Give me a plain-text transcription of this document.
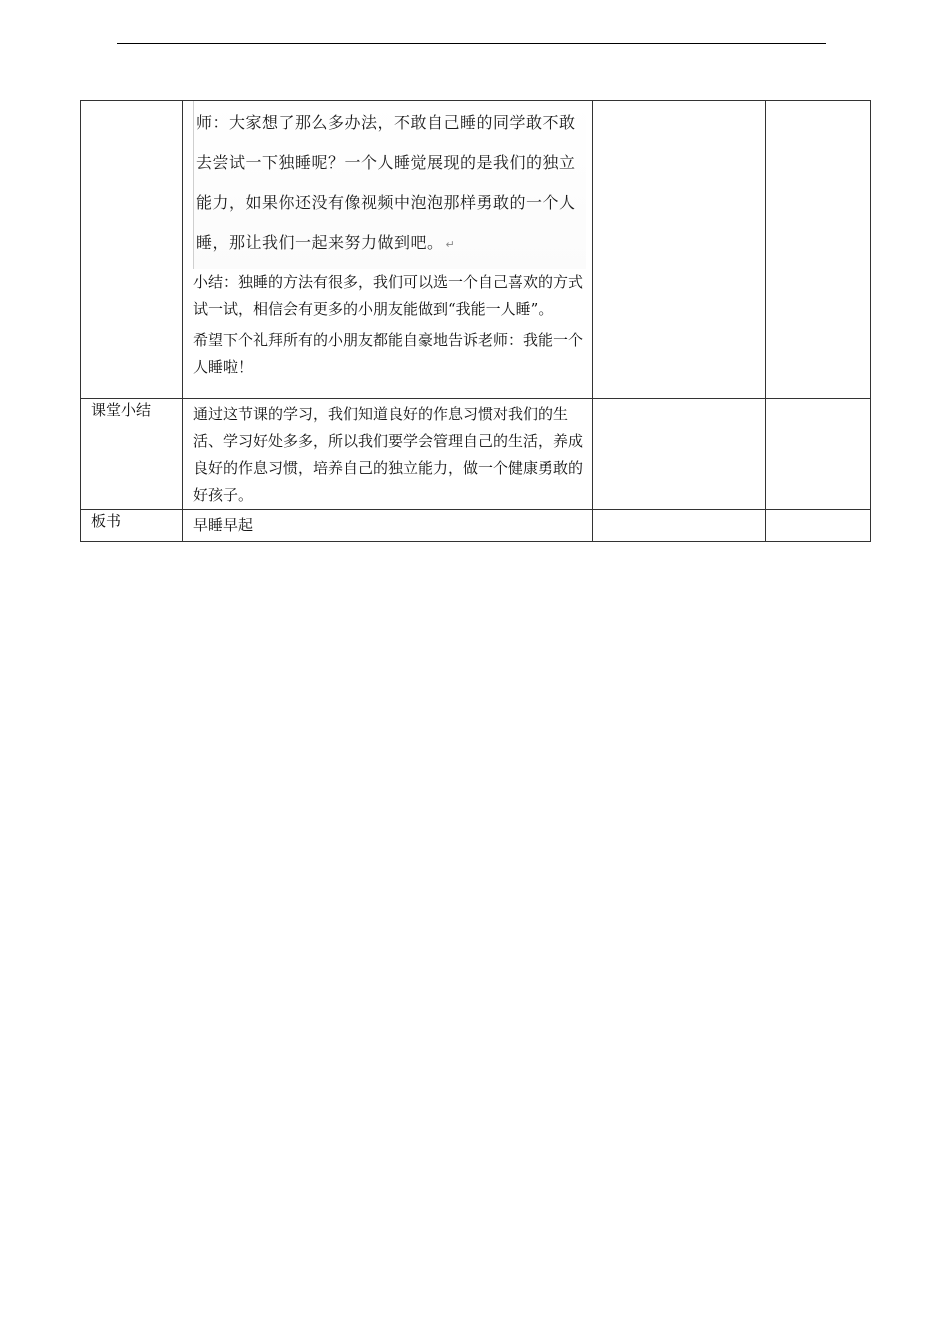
	师：大家想了那么多办法，不敢自己睡的同学敢不敢去尝试一下独睡呢？一个人睡觉展现的是我们的独立能力，如果你还没有像视频中泡泡那样勇敢的一个人睡，那让我们一起来努力做到吧。 ↵

小结：独睡的方法有很多，我们可以选一个自己喜欢的方式试一试，相信会有更多的小朋友能做到“我能一人睡”。

希望下个礼拜所有的小朋友都能自豪地告诉老师：我能一个人睡啦！		

课堂小结	通过这节课的学习，我们知道良好的作息习惯对我们的生活、学习好处多多，所以我们要学会管理自己的生活，养成良好的作息习惯，培养自己的独立能力，做一个健康勇敢的好孩子。		

板书	早睡早起		
